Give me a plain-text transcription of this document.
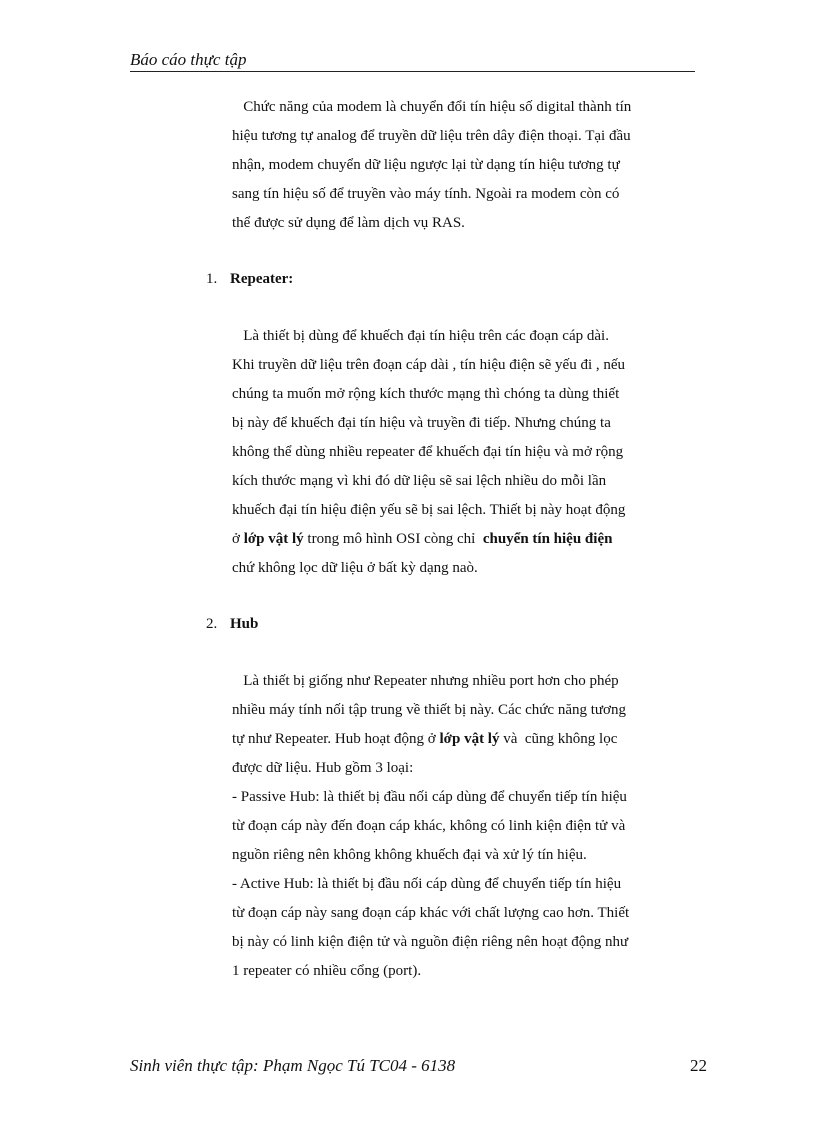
Báo cáo thực tập
Chức năng của modem là chuyển đổi tín hiệu số digital thành tín
hiệu tương tự analog để truyền dữ liệu trên dây điện thoại. Tại đầu
nhận, modem chuyển dữ liệu ngược lại từ dạng tín hiệu tương tự
sang tín hiệu số để truyền vào máy tính. Ngoài ra modem còn có
thể được sử dụng để làm dịch vụ RAS.
1. Repeater:
Là thiết bị dùng để khuếch đại tín hiệu trên các đoạn cáp dài.
Khi truyền dữ liệu trên đoạn cáp dài , tín hiệu điện sẽ yếu đi , nếu
chúng ta muốn mở rộng kích thước mạng thì chóng ta dùng thiết
bị này để khuếch đại tín hiệu và truyền đi tiếp. Nhưng chúng ta
không thể dùng nhiều repeater để khuếch đại tín hiệu và mở rộng
kích thước mạng vì khi đó dữ liệu sẽ sai lệch nhiều do mỗi lần
khuếch đại tín hiệu điện yếu sẽ bị sai lệch. Thiết bị này hoạt động
ở lớp vật lý trong mô hình OSI còng chỉ  chuyển tín hiệu điện
chứ không lọc dữ liệu ở bất kỳ dạng naò.
2. Hub
Là thiết bị giống như Repeater nhưng nhiều port hơn cho phép
nhiều máy tính nối tập trung về thiết bị này. Các chức năng tương
tự như Repeater. Hub hoạt động ở lớp vật lý và  cũng không lọc
được dữ liệu. Hub gồm 3 loại:
- Passive Hub: là thiết bị đầu nối cáp dùng để chuyển tiếp tín hiệu
từ đoạn cáp này đến đoạn cáp khác, không có linh kiện điện tử và
nguồn riêng nên không không khuếch đại và xử lý tín hiệu.
- Active Hub: là thiết bị đầu nối cáp dùng để chuyển tiếp tín hiệu
từ đoạn cáp này sang đoạn cáp khác với chất lượng cao hơn. Thiết
bị này có linh kiện điện tử và nguồn điện riêng nên hoạt động như
1 repeater có nhiều cổng (port).
Sinh viên thực tập: Phạm Ngọc Tú TC04 - 6138	22
